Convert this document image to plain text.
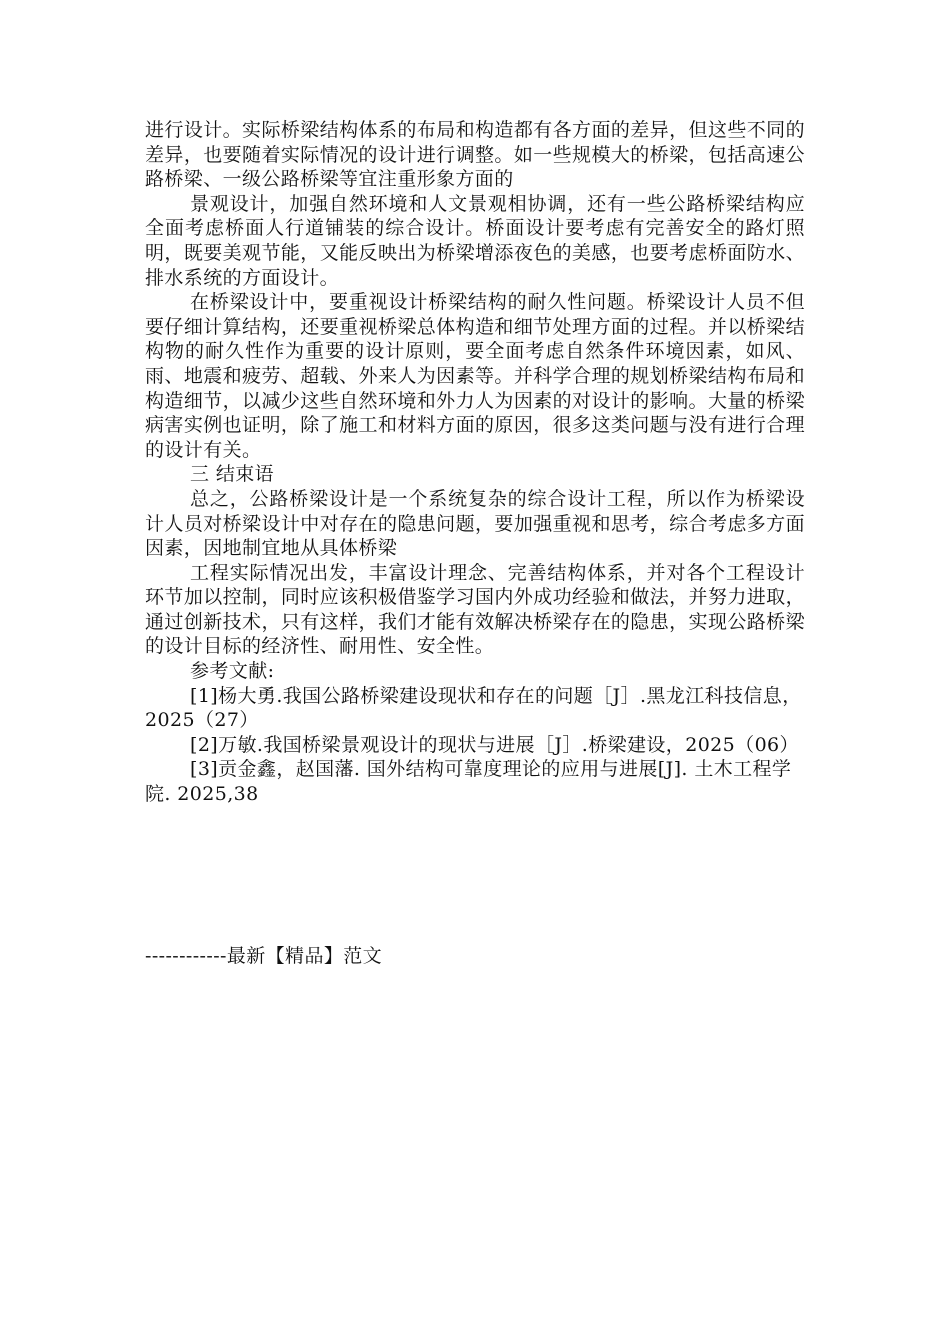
进行设计。实际桥梁结构体系的布局和构造都有各方面的差异，但这些不同的差异，也要随着实际情况的设计进行调整。如一些规模大的桥梁，包括高速公路桥梁、一级公路桥梁等宜注重形象方面的

景观设计，加强自然环境和人文景观相协调，还有一些公路桥梁结构应全面考虑桥面人行道铺装的综合设计。桥面设计要考虑有完善安全的路灯照明，既要美观节能，又能反映出为桥梁增添夜色的美感，也要考虑桥面防水、排水系统的方面设计。

在桥梁设计中，要重视设计桥梁结构的耐久性问题。桥梁设计人员不但要仔细计算结构，还要重视桥梁总体构造和细节处理方面的过程。并以桥梁结构物的耐久性作为重要的设计原则，要全面考虑自然条件环境因素，如风、雨、地震和疲劳、超载、外来人为因素等。并科学合理的规划桥梁结构布局和构造细节，以减少这些自然环境和外力人为因素的对设计的影响。大量的桥梁病害实例也证明，除了施工和材料方面的原因，很多这类问题与没有进行合理的设计有关。

三 结束语

总之，公路桥梁设计是一个系统复杂的综合设计工程，所以作为桥梁设计人员对桥梁设计中对存在的隐患问题，要加强重视和思考，综合考虑多方面因素，因地制宜地从具体桥梁

工程实际情况出发，丰富设计理念、完善结构体系，并对各个工程设计环节加以控制，同时应该积极借鉴学习国内外成功经验和做法，并努力进取，通过创新技术，只有这样，我们才能有效解决桥梁存在的隐患，实现公路桥梁的设计目标的经济性、耐用性、安全性。

参考文献:

[1]杨大勇.我国公路桥梁建设现状和存在的问题［J］.黑龙江科技信息，2025（27）

[2]万敏.我国桥梁景观设计的现状与进展［J］.桥梁建设，2025（06）

[3]贡金鑫，赵国藩. 国外结构可靠度理论的应用与进展[J]. 土木工程学院. 2025,38

------------最新【精品】范文
